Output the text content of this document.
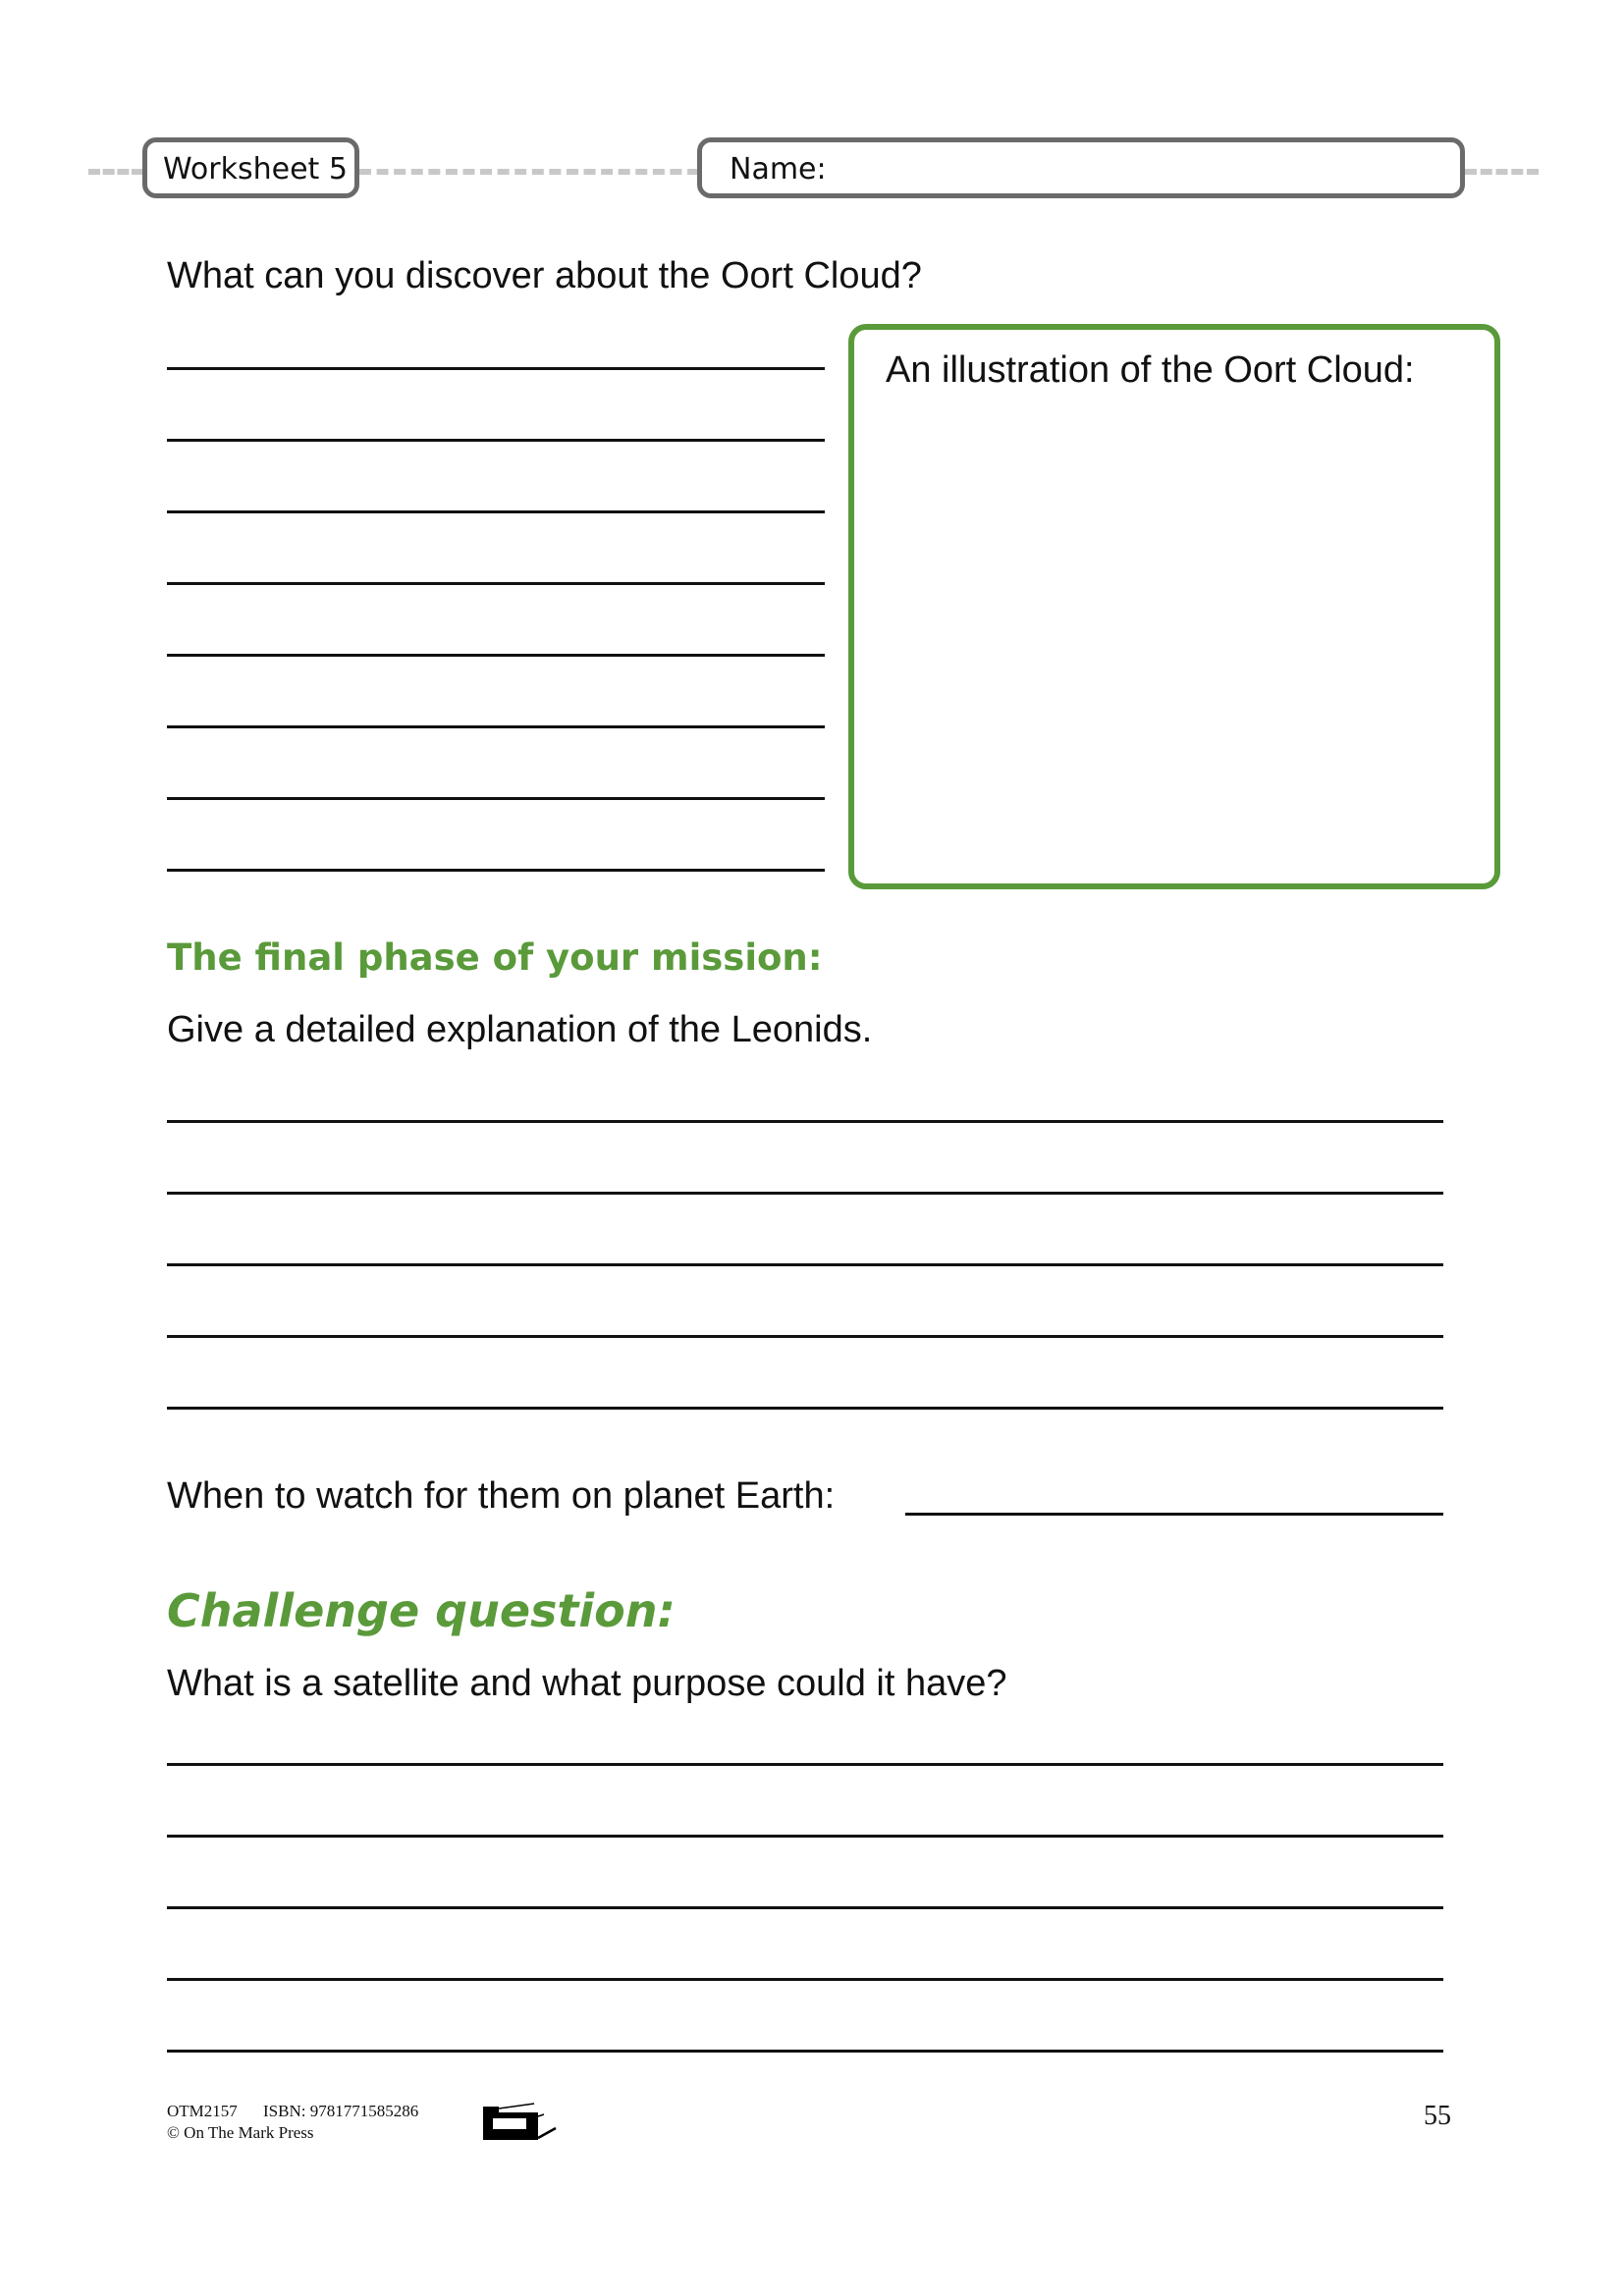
Worksheet 5	Name:
What can you discover about the Oort Cloud?
An illustration of the Oort Cloud:
The final phase of your mission:
Give a detailed explanation of the Leonids.
When to watch for them on planet Earth:
Challenge question:
What is a satellite and what purpose could it have?
OTM2157 ISBN: 9781771585286
© On The Mark Press
55
